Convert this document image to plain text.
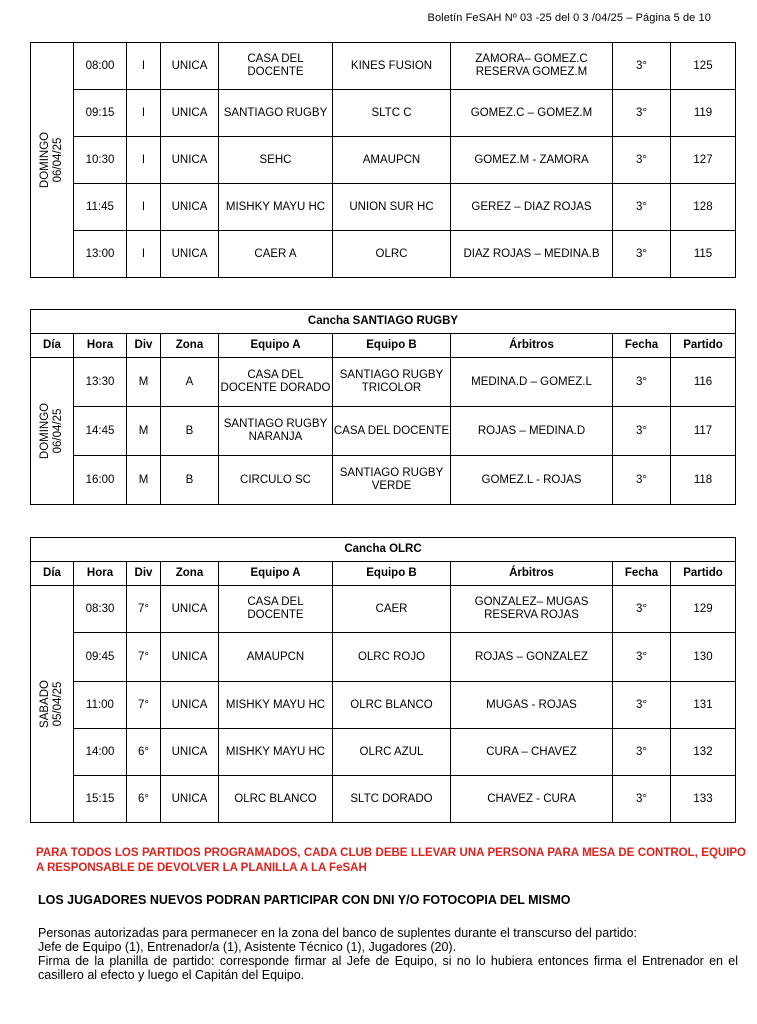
Boletín FeSAH Nº 03 -25 del 0 3 /04/25 – Página 5 de 10
DOMINGO
06/04/25	08:00	I	UNICA	CASA DEL DOCENTE	KINES FUSION	ZAMORA– GOMEZ.C RESERVA GOMEZ.M	3°	125
	09:15	I	UNICA	SANTIAGO RUGBY	SLTC C	GOMEZ.C – GOMEZ.M	3°	119
	10:30	I	UNICA	SEHC	AMAUPCN	GOMEZ.M - ZAMORA	3°	127
	11:45	I	UNICA	MISHKY MAYU HC	UNION SUR HC	GEREZ – DIAZ ROJAS	3°	128
	13:00	I	UNICA	CAER A	OLRC	DIAZ ROJAS – MEDINA.B	3°	115
Cancha SANTIAGO RUGBY								
Día	Hora	Div	Zona	Equipo A	Equipo B	Árbitros	Fecha	Partido

DOMINGO
06/04/25	13:30	M	A	CASA DEL DOCENTE DORADO	SANTIAGO RUGBY TRICOLOR	MEDINA.D – GOMEZ.L	3°	116
	14:45	M	B	SANTIAGO RUGBY NARANJA	CASA DEL DOCENTE	ROJAS – MEDINA.D	3°	117
	16:00	M	B	CIRCULO SC	SANTIAGO RUGBY VERDE	GOMEZ.L - ROJAS	3°	118
Cancha OLRC								
Día	Hora	Div	Zona	Equipo A	Equipo B	Árbitros	Fecha	Partido

SABADO
05/04/25	08:30	7°	UNICA	CASA DEL DOCENTE	CAER	GONZALEZ– MUGAS RESERVA ROJAS	3°	129
	09:45	7°	UNICA	AMAUPCN	OLRC ROJO	ROJAS – GONZALEZ	3°	130
	11:00	7°	UNICA	MISHKY MAYU HC	OLRC BLANCO	MUGAS - ROJAS	3°	131
	14:00	6°	UNICA	MISHKY MAYU HC	OLRC AZUL	CURA – CHAVEZ	3°	132
	15:15	6°	UNICA	OLRC BLANCO	SLTC DORADO	CHAVEZ - CURA	3°	133
PARA TODOS LOS PARTIDOS PROGRAMADOS, CADA CLUB DEBE LLEVAR UNA PERSONA PARA MESA DE CONTROL, EQUIPO A RESPONSABLE DE DEVOLVER LA PLANILLA A LA FeSAH
LOS JUGADORES NUEVOS PODRAN PARTICIPAR CON DNI Y/O FOTOCOPIA DEL MISMO

Personas autorizadas para permanecer en la zona del banco de suplentes durante el transcurso del partido:

Jefe de Equipo (1), Entrenador/a (1), Asistente Técnico (1), Jugadores (20).

Firma de la planilla de partido: corresponde firmar al Jefe de Equipo, si no lo hubiera entonces firma el Entrenador en el casillero al efecto y luego el Capitán del Equipo.
